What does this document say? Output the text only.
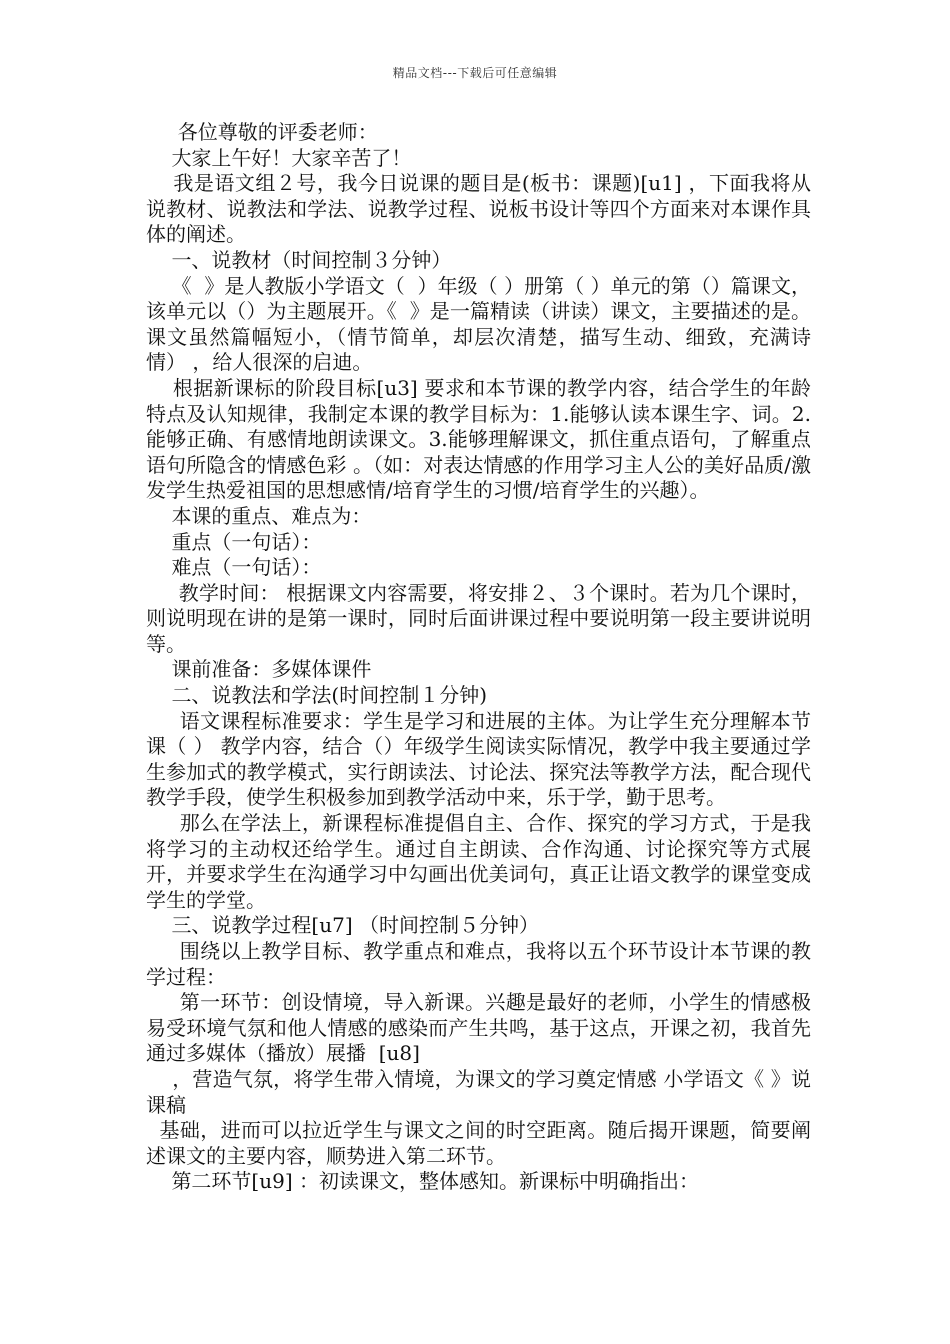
精品文档---下载后可任意编辑

各位尊敬的评委老师：

大家上午好！大家辛苦了！

我是语文组２号，我今日说课的题目是(板书：课题)[u1] ，下面我将从说教材、说教法和学法、说教学过程、说板书设计等四个方面来对本课作具体的阐述。

一、说教材（时间控制３分钟）

《  》是人教版小学语文（  ）年级（ ）册第（ ）单元的第（）篇课文，该单元以（）为主题展开。《  》是一篇精读（讲读）课文，主要描述的是。课文虽然篇幅短小，（情节简单，却层次清楚，描写生动、细致，充满诗情） ，给人很深的启迪。

根据新课标的阶段目标[u3] 要求和本节课的教学内容，结合学生的年龄特点及认知规律，我制定本课的教学目标为：1.能够认读本课生字、词。2.能够正确、有感情地朗读课文。3.能够理解课文，抓住重点语句，了解重点语句所隐含的情感色彩 。（如：对表达情感的作用学习主人公的美好品质/激发学生热爱祖国的思想感情/培育学生的习惯/培育学生的兴趣）。

本课的重点、难点为：

重点（一句话）：

难点（一句话）：

教学时间： 根据课文内容需要，将安排２、３个课时。若为几个课时，则说明现在讲的是第一课时，同时后面讲课过程中要说明第一段主要讲说明等。

课前准备：多媒体课件

二、说教法和学法(时间控制１分钟)

语文课程标准要求：学生是学习和进展的主体。为让学生充分理解本节课（ ） 教学内容，结合（）年级学生阅读实际情况，教学中我主要通过学生参加式的教学模式，实行朗读法、讨论法、探究法等教学方法，配合现代教学手段，使学生积极参加到教学活动中来，乐于学，勤于思考。

那么在学法上，新课程标准提倡自主、合作、探究的学习方式，于是我将学习的主动权还给学生。通过自主朗读、合作沟通、讨论探究等方式展开，并要求学生在沟通学习中勾画出优美词句，真正让语文教学的课堂变成学生的学堂。

三、说教学过程[u7] （时间控制５分钟）

围绕以上教学目标、教学重点和难点，我将以五个环节设计本节课的教学过程：

第一环节：创设情境，导入新课。兴趣是最好的老师，小学生的情感极易受环境气氛和他人情感的感染而产生共鸣，基于这点，开课之初，我首先通过多媒体（播放）展播  [u8]

，营造气氛，将学生带入情境，为课文的学习奠定情感 小学语文《 》说课稿

基础，进而可以拉近学生与课文之间的时空距离。随后揭开课题，简要阐述课文的主要内容，顺势进入第二环节。

第二环节[u9] ：初读课文，整体感知。新课标中明确指出：
